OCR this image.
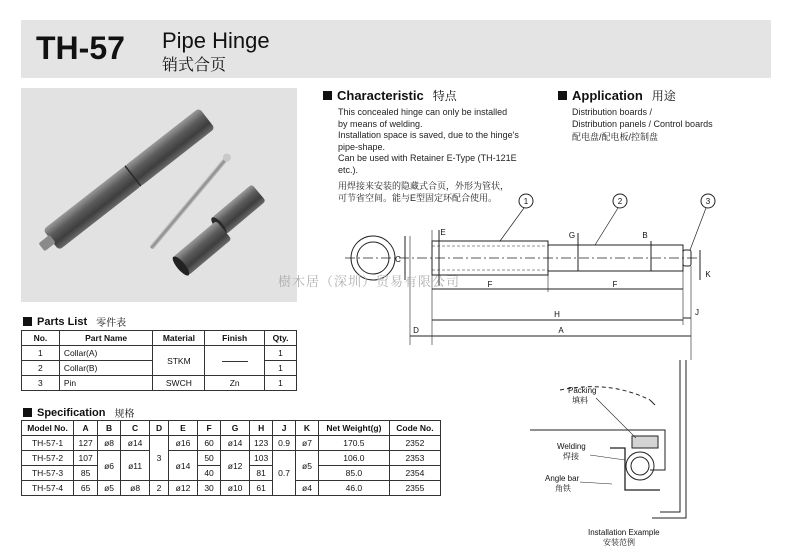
TH-57 Pipe Hinge
销式合页
Characteristic 特点
This concealed hinge can only be installed
by means of welding.
Installation space is saved, due to the hinge's
pipe-shape.
Can be used with Retainer E-Type (TH-121E etc.).
用焊接来安装的隐藏式合页，外形为管状，
可节省空间。能与E型固定环配合使用。
Application 用途
Distribution boards /
Distribution panels / Control boards
配电盘/配电板/控制盘
1	2	3
F	F
H
A
D
J
E	G	B
C
K
Packing
填料
Welding
焊接
Angle bar
角铁
Installation Example
安装范例
樹木居（深圳）贸易有限公司
Parts List 零件表
No.	Part Name	Material	Finish	Qty.
1	Collar(A)	STKM		1
2	Collar(B)			1
3	Pin	SWCH	Zn	1
Specification 规格
Model No.	A	B	C	D	E	F	G	H	J	K	Net Weight(g)	Code No.
TH-57-1	127	ø8	ø14	3	ø16	60	ø14	123	0.9	ø7	170.5	2352
TH-57-2	107	ø6	ø11		ø14	50	ø12	103	0.7	ø5	106.0	2353
TH-57-3	85					40		81			85.0	2354
TH-57-4	65	ø5	ø8	2	ø12	30	ø10	61		ø4	46.0	2355
